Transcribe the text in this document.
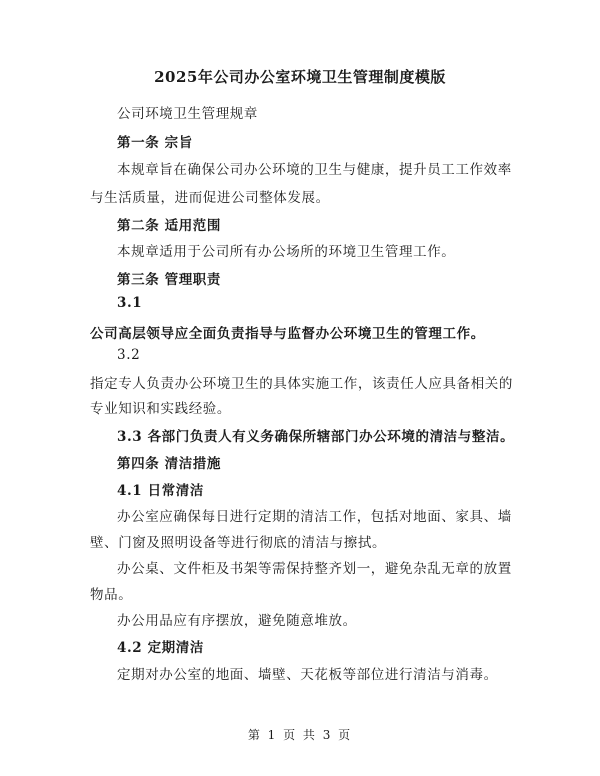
2025年公司办公室环境卫生管理制度模版
公司环境卫生管理规章
第一条 宗旨
本规章旨在确保公司办公环境的卫生与健康，提升员工工作效率
与生活质量，进而促进公司整体发展。
第二条 适用范围
本规章适用于公司所有办公场所的环境卫生管理工作。
第三条 管理职责
3.1
公司高层领导应全面负责指导与监督办公环境卫生的管理工作。
3.2
指定专人负责办公环境卫生的具体实施工作，该责任人应具备相关的
专业知识和实践经验。
3.3 各部门负责人有义务确保所辖部门办公环境的清洁与整洁。
第四条 清洁措施
4.1 日常清洁
办公室应确保每日进行定期的清洁工作，包括对地面、家具、墙
壁、门窗及照明设备等进行彻底的清洁与擦拭。
办公桌、文件柜及书架等需保持整齐划一，避免杂乱无章的放置
物品。
办公用品应有序摆放，避免随意堆放。
4.2 定期清洁
定期对办公室的地面、墙壁、天花板等部位进行清洁与消毒。
第 1 页 共 3 页
